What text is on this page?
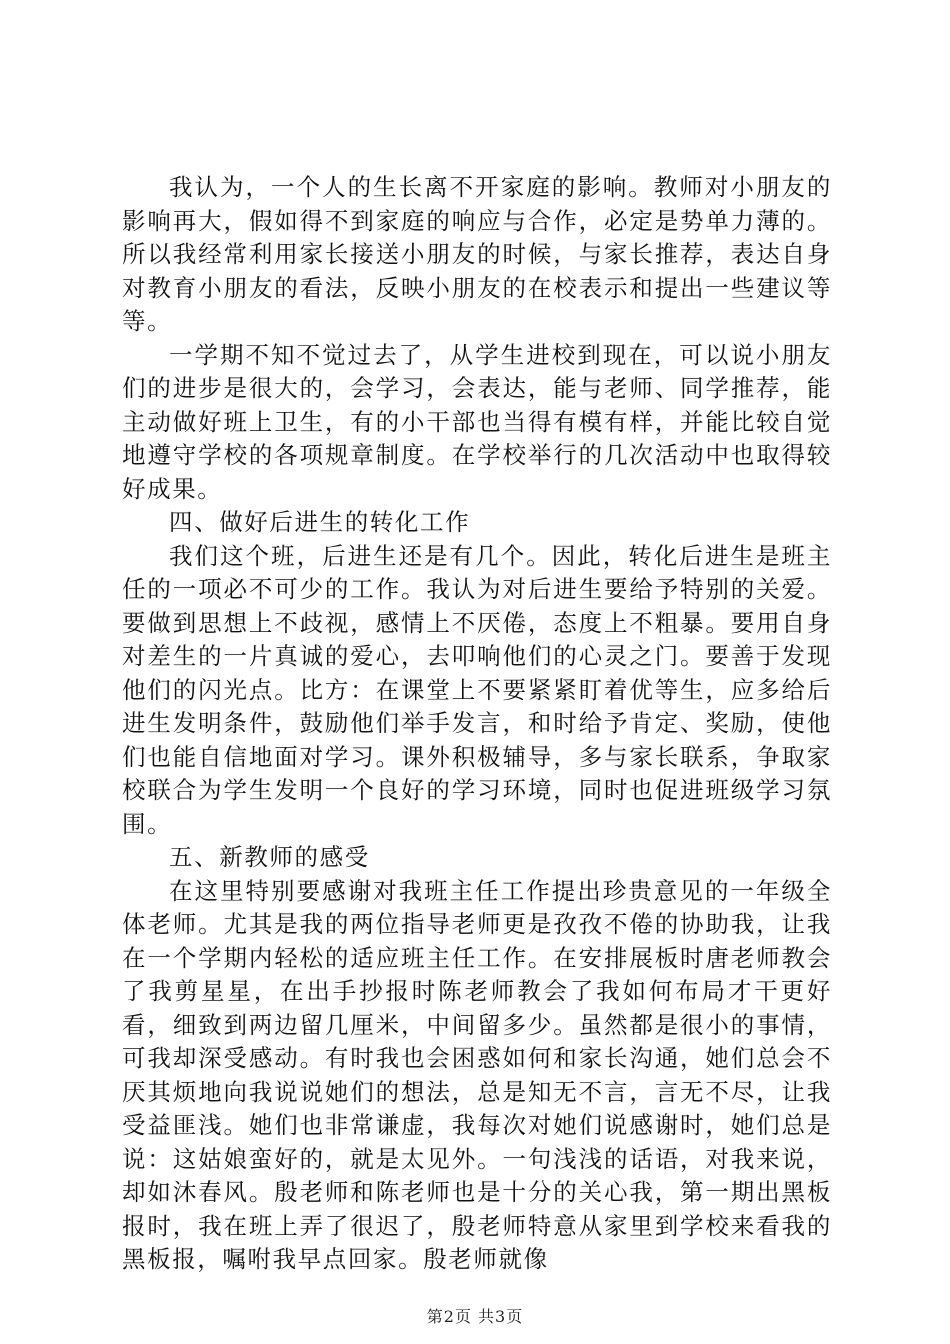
我认为，一个人的生长离不开家庭的影响。教师对小朋友的影响再大，假如得不到家庭的响应与合作，必定是势单力薄的。所以我经常利用家长接送小朋友的时候，与家长推荐，表达自身对教育小朋友的看法，反映小朋友的在校表示和提出一些建议等等。

一学期不知不觉过去了，从学生进校到现在，可以说小朋友们的进步是很大的，会学习，会表达，能与老师、同学推荐，能主动做好班上卫生，有的小干部也当得有模有样，并能比较自觉地遵守学校的各项规章制度。在学校举行的几次活动中也取得较好成果。

四、做好后进生的转化工作

我们这个班，后进生还是有几个。因此，转化后进生是班主任的一项必不可少的工作。我认为对后进生要给予特别的关爱。要做到思想上不歧视，感情上不厌倦，态度上不粗暴。要用自身对差生的一片真诚的爱心，去叩响他们的心灵之门。要善于发现他们的闪光点。比方：在课堂上不要紧紧盯着优等生，应多给后进生发明条件，鼓励他们举手发言，和时给予肯定、奖励，使他们也能自信地面对学习。课外积极辅导，多与家长联系，争取家校联合为学生发明一个良好的学习环境，同时也促进班级学习氛围。

五、新教师的感受

在这里特别要感谢对我班主任工作提出珍贵意见的一年级全体老师。尤其是我的两位指导老师更是孜孜不倦的协助我，让我在一个学期内轻松的适应班主任工作。在安排展板时唐老师教会了我剪星星，在出手抄报时陈老师教会了我如何布局才干更好看，细致到两边留几厘米，中间留多少。虽然都是很小的事情，可我却深受感动。有时我也会困惑如何和家长沟通，她们总会不厌其烦地向我说说她们的想法，总是知无不言，言无不尽，让我受益匪浅。她们也非常谦虚，我每次对她们说感谢时，她们总是说：这姑娘蛮好的，就是太见外。一句浅浅的话语，对我来说，却如沐春风。殷老师和陈老师也是十分的关心我，第一期出黑板报时，我在班上弄了很迟了，殷老师特意从家里到学校来看我的黑板报，嘱咐我早点回家。殷老师就像

第2页 共3页
